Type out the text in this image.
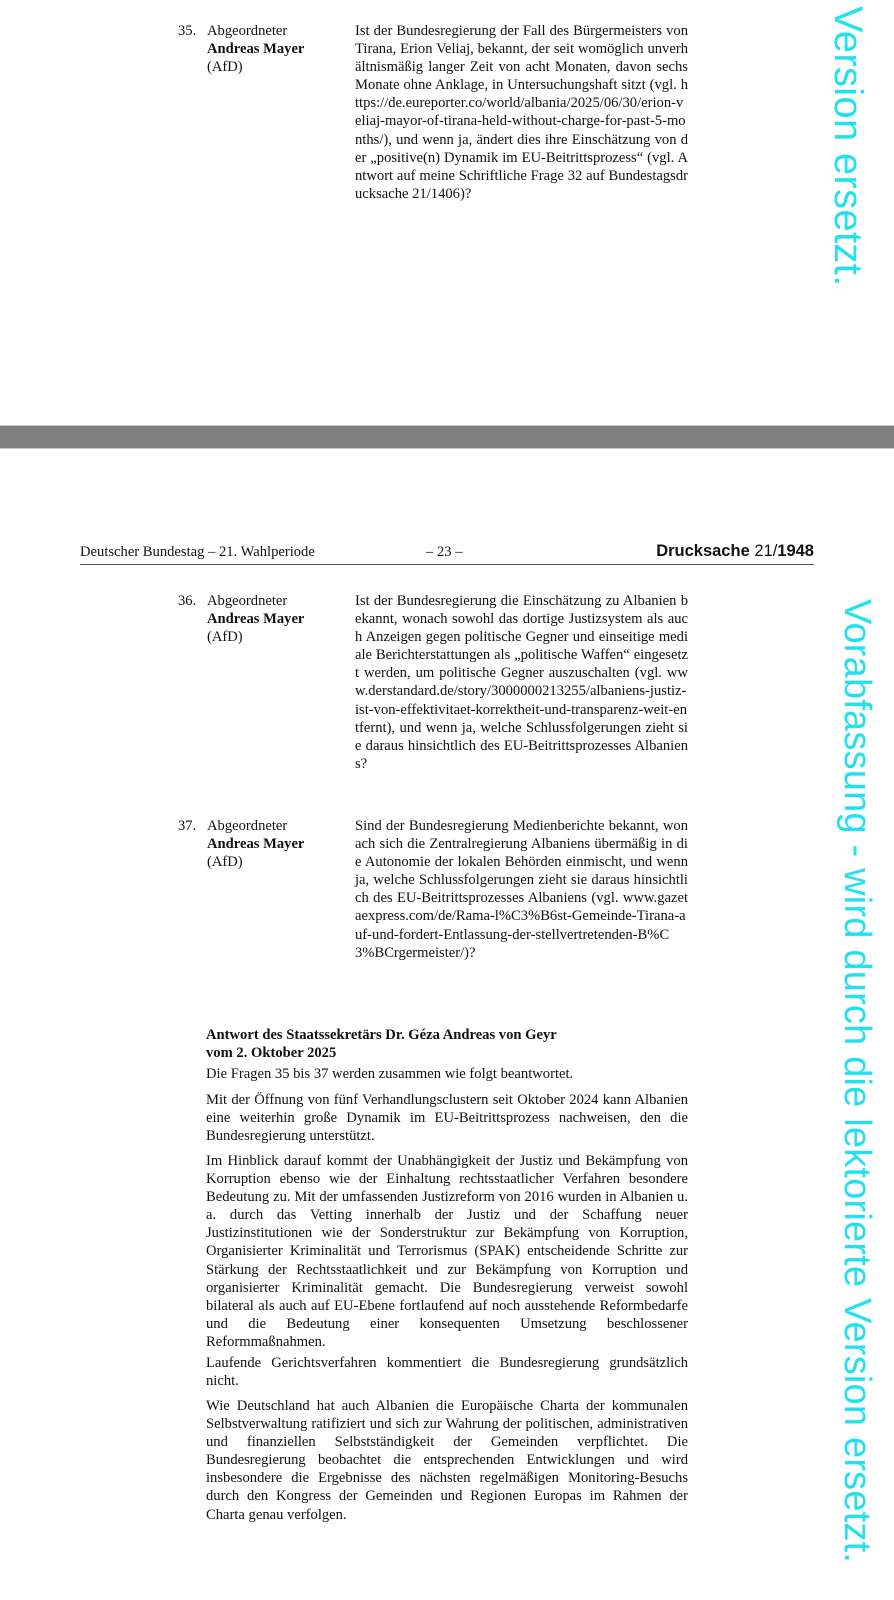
35. Abgeordneter
Andreas Mayer
(AfD)
Ist der Bundesregierung der Fall des Bürgermeisters von Tirana, Erion Veliaj, bekannt, der seit womöglich unverhältnismäßig langer Zeit von acht Monaten, davon sechs Monate ohne Anklage, in Untersuchungshaft sitzt (vgl. https://de.eureporter.co/world/albania/2025/06/30/erion-veliaj-mayor-of-tirana-held-without-charge-for-past-5-months/), und wenn ja, ändert dies ihre Einschätzung von der „positive(n) Dynamik im EU-Beitrittsprozess“ (vgl. Antwort auf meine Schriftliche Frage 32 auf Bundestagsdrucksache 21/1406)?	Version ersetzt.
Deutscher Bundestag – 21. Wahlperiode	– 23 –	Drucksache 21/1948
36. Abgeordneter
Andreas Mayer
(AfD)
Ist der Bundesregierung die Einschätzung zu Albanien bekannt, wonach sowohl das dortige Justizsystem als auch Anzeigen gegen politische Gegner und einseitige mediale Berichterstattungen als „politische Waffen“ eingesetzt werden, um politische Gegner auszuschalten (vgl. www.derstandard.de/story/3000000213255/albaniens-justiz-ist-von-effektivitaet-korrektheit-und-transparenz-weit-entfernt), und wenn ja, welche Schlussfolgerungen zieht sie daraus hinsichtlich des EU-Beitrittsprozesses Albaniens?
37. Abgeordneter
Andreas Mayer
(AfD)
Sind der Bundesregierung Medienberichte bekannt, wonach sich die Zentralregierung Albaniens übermäßig in die Autonomie der lokalen Behörden einmischt, und wenn ja, welche Schlussfolgerungen zieht sie daraus hinsichtlich des EU-Beitrittsprozesses Albaniens (vgl. www.gazetaexpress.com/de/Rama-l%C3%B6st-Gemeinde-Tirana-auf-und-fordert-Entlassung-der-stellvertretenden-B%C3%BCrgermeister/)?
Antwort des Staatssekretärs Dr. Géza Andreas von Geyr
vom 2. Oktober 2025
Die Fragen 35 bis 37 werden zusammen wie folgt beantwortet.
Mit der Öffnung von fünf Verhandlungsclustern seit Oktober 2024 kann Albanien eine weiterhin große Dynamik im EU-Beitrittsprozess nachweisen, den die Bundesregierung unterstützt.
Im Hinblick darauf kommt der Unabhängigkeit der Justiz und Bekämpfung von Korruption ebenso wie der Einhaltung rechtsstaatlicher Verfahren besondere Bedeutung zu. Mit der umfassenden Justizreform von 2016 wurden in Albanien u. a. durch das Vetting innerhalb der Justiz und der Schaffung neuer Justizinstitutionen wie der Sonderstruktur zur Bekämpfung von Korruption, Organisierter Kriminalität und Terrorismus (SPAK) entscheidende Schritte zur Stärkung der Rechtsstaatlichkeit und zur Bekämpfung von Korruption und organisierter Kriminalität gemacht. Die Bundesregierung verweist sowohl bilateral als auch auf EU-Ebene fortlaufend auf noch ausstehende Reformbedarfe und die Bedeutung einer konsequenten Umsetzung beschlossener Reformmaßnahmen.
Laufende Gerichtsverfahren kommentiert die Bundesregierung grundsätzlich nicht.
Wie Deutschland hat auch Albanien die Europäische Charta der kommunalen Selbstverwaltung ratifiziert und sich zur Wahrung der politischen, administrativen und finanziellen Selbstständigkeit der Gemeinden verpflichtet. Die Bundesregierung beobachtet die entsprechenden Entwicklungen und wird insbesondere die Ergebnisse des nächsten regelmäßigen Monitoring-Besuchs durch den Kongress der Gemeinden und Regionen Europas im Rahmen der Charta genau verfolgen.	Vorabfassung - wird durch die lektorierte Version ersetzt.
